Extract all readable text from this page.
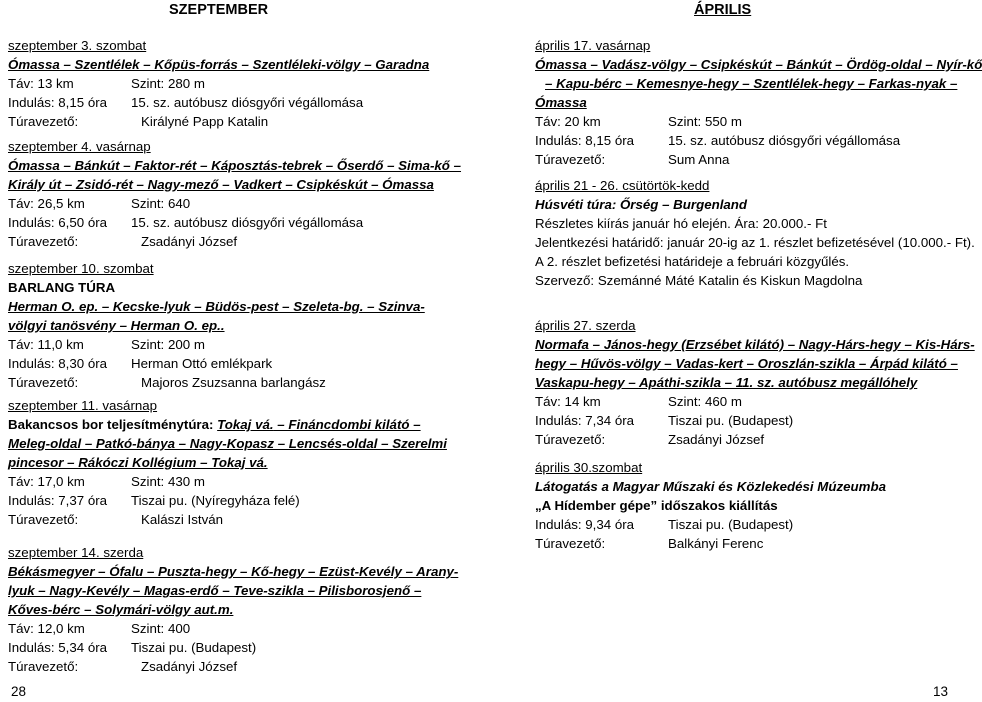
SZEPTEMBER
szeptember 3. szombat
Ómassa – Szentlélek – Kőpüs-forrás – Szentléleki-völgy – Garadna
Táv: 13 km	Szint: 280 m
Indulás: 8,15 óra 15. sz. autóbusz diósgyőri végállomása
Túravezető:	Királyné Papp Katalin
szeptember 4. vasárnap
Ómassa – Bánkút – Faktor-rét – Káposztás-tebrek – Őserdő – Sima-kő –
Király út – Zsidó-rét – Nagy-mező – Vadkert – Csipkéskút – Ómassa
Táv: 26,5 km	Szint: 640
Indulás: 6,50 óra 15. sz. autóbusz diósgyőri végállomása
Túravezető:	Zsadányi József
szeptember 10. szombat
BARLANG TÚRA
Herman O. ep. – Kecske-lyuk – Büdös-pest – Szeleta-bg. – Szinva-
völgyi tanösvény – Herman O. ep..
Táv: 11,0 km	Szint: 200 m
Indulás: 8,30 óra Herman Ottó emlékpark
Túravezető:	Majoros Zsuzsanna barlangász
szeptember 11. vasárnap
Bakancsos bor teljesítménytúra: Tokaj vá. – Fináncdombi kilátó –
Meleg-oldal – Patkó-bánya – Nagy-Kopasz – Lencsés-oldal – Szerelmi
pincesor – Rákóczi Kollégium – Tokaj vá.
Táv: 17,0 km	Szint: 430 m
Indulás: 7,37 óra Tiszai pu. (Nyíregyháza felé)
Túravezető:	Kalászi István
szeptember 14. szerda
Békásmegyer – Ófalu – Puszta-hegy – Kő-hegy – Ezüst-Kevély – Arany-
lyuk – Nagy-Kevély – Magas-erdő – Teve-szikla – Pilisborosjenő –
Kőves-bérc – Solymári-völgy aut.m.
Táv: 12,0 km	Szint: 400
Indulás: 5,34 óra Tiszai pu. (Budapest)
Túravezető:	Zsadányi József
28
ÁPRILIS
április 17. vasárnap
Ómassa – Vadász-völgy – Csipkéskút – Bánkút – Ördög-oldal – Nyír-kő
– Kapu-bérc – Kemesnye-hegy – Szentlélek-hegy – Farkas-nyak –
Ómassa
Táv: 20 km	Szint: 550 m
Indulás: 8,15 óra	15. sz. autóbusz diósgyőri végállomása
Túravezető:	Sum Anna
április 21 - 26. csütörtök-kedd
Húsvéti túra: Őrség – Burgenland
Részletes kiírás január hó elején. Ára: 20.000.- Ft
Jelentkezési határidő: január 20-ig az 1. részlet befizetésével (10.000.- Ft).
A 2. részlet befizetési határideje a februári közgyűlés.
Szervező: Szemánné Máté Katalin és Kiskun Magdolna
április 27. szerda
Normafa – János-hegy (Erzsébet kilátó) – Nagy-Hárs-hegy – Kis-Hárs-
hegy – Hűvös-völgy – Vadas-kert – Oroszlán-szikla – Árpád kilátó –
Vaskapu-hegy – Apáthi-szikla – 11. sz. autóbusz megállóhely
Táv: 14 km	Szint: 460 m
Indulás: 7,34 óra	Tiszai pu. (Budapest)
Túravezető:	Zsadányi József
április 30.szombat
Látogatás a Magyar Műszaki és Közlekedési Múzeumba
„A Hídember gépe” időszakos kiállítás
Indulás: 9,34 óra	Tiszai pu. (Budapest)
Túravezető:	Balkányi Ferenc
13
